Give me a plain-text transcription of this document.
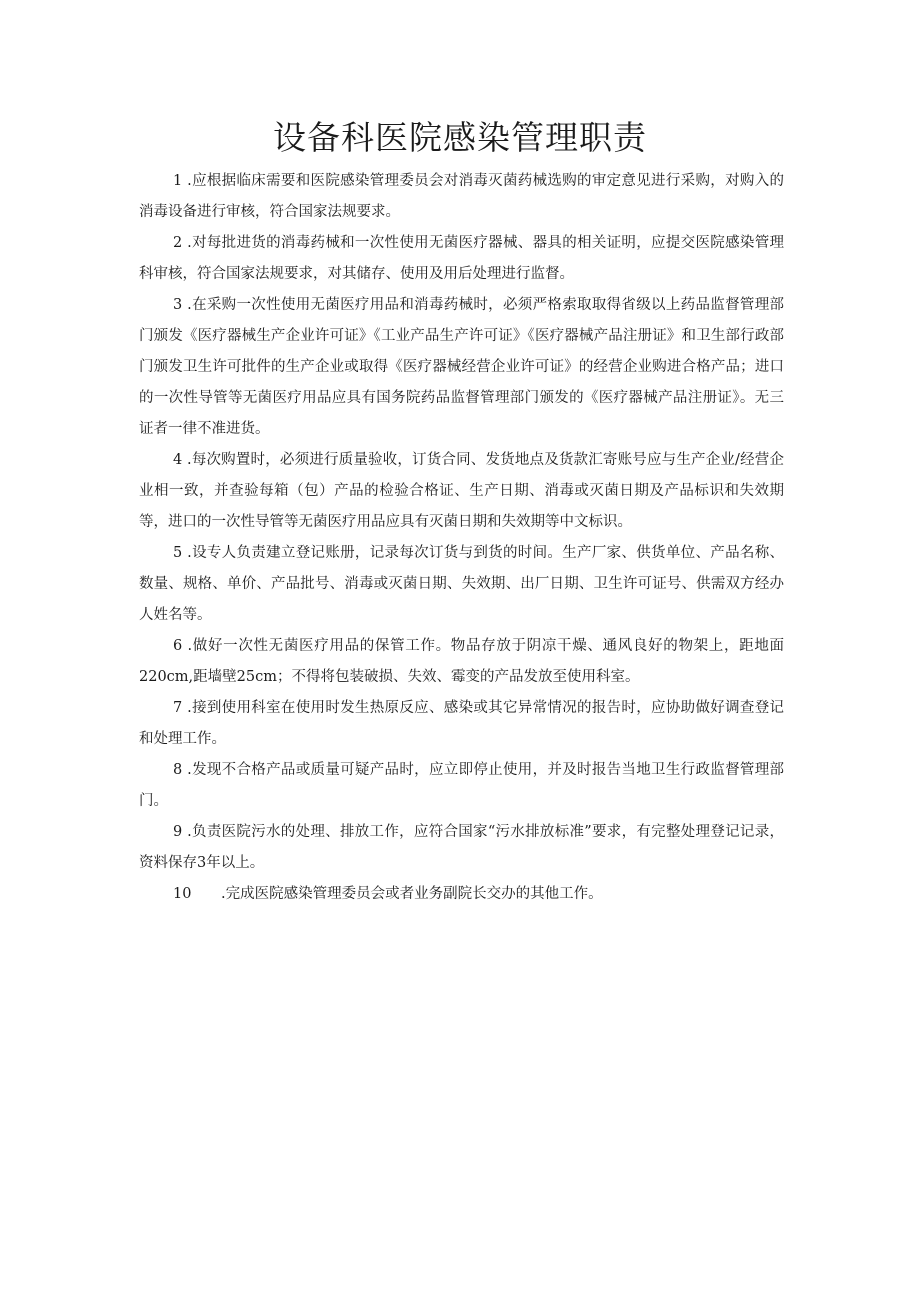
设备科医院感染管理职责

1 .应根据临床需要和医院感染管理委员会对消毒灭菌药械选购的审定意见进行采购，对购入的消毒设备进行审核，符合国家法规要求。

2 .对每批进货的消毒药械和一次性使用无菌医疗器械、器具的相关证明，应提交医院感染管理科审核，符合国家法规要求，对其储存、使用及用后处理进行监督。

3 .在采购一次性使用无菌医疗用品和消毒药械时，必须严格索取取得省级以上药品监督管理部门颁发《医疗器械生产企业许可证》《工业产品生产许可证》《医疗器械产品注册证》和卫生部行政部门颁发卫生许可批件的生产企业或取得《医疗器械经营企业许可证》的经营企业购进合格产品；进口的一次性导管等无菌医疗用品应具有国务院药品监督管理部门颁发的《医疗器械产品注册证》。无三证者一律不准进货。

4 .每次购置时，必须进行质量验收，订货合同、发货地点及货款汇寄账号应与生产企业/经营企业相一致，并查验每箱（包）产品的检验合格证、生产日期、消毒或灭菌日期及产品标识和失效期等，进口的一次性导管等无菌医疗用品应具有灭菌日期和失效期等中文标识。

5 .设专人负责建立登记账册，记录每次订货与到货的时间。生产厂家、供货单位、产品名称、数量、规格、单价、产品批号、消毒或灭菌日期、失效期、出厂日期、卫生许可证号、供需双方经办人姓名等。

6 .做好一次性无菌医疗用品的保管工作。物品存放于阴凉干燥、通风良好的物架上，距地面220cm,距墙壁25cm；不得将包装破损、失效、霉变的产品发放至使用科室。

7 .接到使用科室在使用时发生热原反应、感染或其它异常情况的报告时，应协助做好调查登记和处理工作。

8 .发现不合格产品或质量可疑产品时，应立即停止使用，并及时报告当地卫生行政监督管理部门。

9 .负责医院污水的处理、排放工作，应符合国家“污水排放标准”要求，有完整处理登记记录，资料保存3年以上。

10 .完成医院感染管理委员会或者业务副院长交办的其他工作。
